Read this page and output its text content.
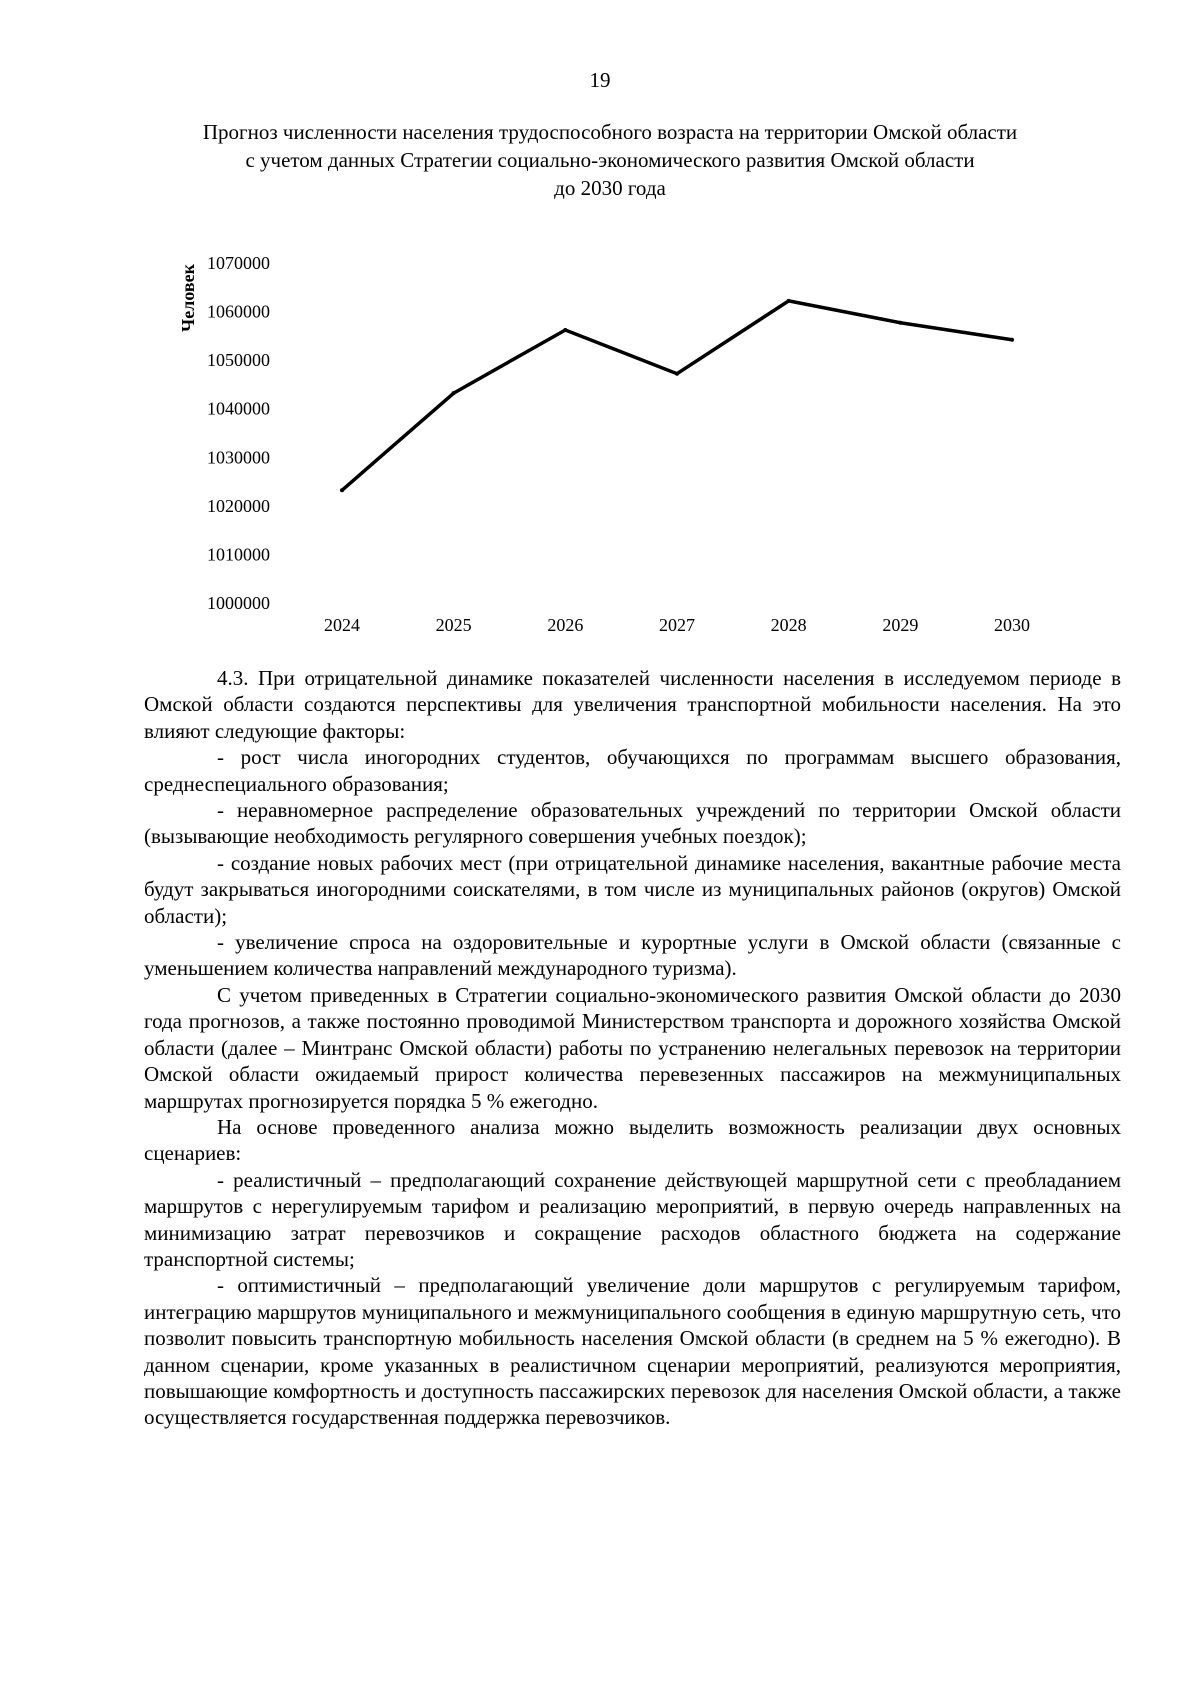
19
Прогноз численности населения трудоспособного возраста на территории Омской области
с учетом данных Стратегии социально-экономического развития Омской области
до 2030 года
1000000
1010000
1020000
1030000
1040000
1050000
1060000
1070000
Человек
2024	2025	2026	2027	2028	2029	2030

4.3. При отрицательной динамике показателей численности населения в исследуемом периоде в Омской области создаются перспективы для увеличения транспортной мобильности населения. На это влияют следующие факторы:

- рост числа иногородних студентов, обучающихся по программам высшего образования, среднеспециального образования;

- неравномерное распределение образовательных учреждений по территории Омской области (вызывающие необходимость регулярного совершения учебных поездок);

- создание новых рабочих мест (при отрицательной динамике населения, вакантные рабочие места будут закрываться иногородними соискателями, в том числе из муниципальных районов (округов) Омской области);

- увеличение спроса на оздоровительные и курортные услуги в Омской области (связанные с уменьшением количества направлений международного туризма).

С учетом приведенных в Стратегии социально-экономического развития Омской области до 2030 года прогнозов, а также постоянно проводимой Министерством транспорта и дорожного хозяйства Омской области (далее – Минтранс Омской области) работы по устранению нелегальных перевозок на территории Омской области ожидаемый прирост количества перевезенных пассажиров на межмуниципальных маршрутах прогнозируется порядка 5 % ежегодно.

На основе проведенного анализа можно выделить возможность реализации двух основных сценариев:

- реалистичный – предполагающий сохранение действующей маршрутной сети с преобладанием маршрутов с нерегулируемым тарифом и реализацию мероприятий, в первую очередь направленных на минимизацию затрат перевозчиков и сокращение расходов областного бюджета на содержание транспортной системы;

- оптимистичный – предполагающий увеличение доли маршрутов с регулируемым тарифом, интеграцию маршрутов муниципального и межмуниципального сообщения в единую маршрутную сеть, что позволит повысить транспортную мобильность населения Омской области (в среднем на 5 % ежегодно). В данном сценарии, кроме указанных в реалистичном сценарии мероприятий, реализуются мероприятия, повышающие комфортность и доступность пассажирских перевозок для населения Омской области, а также осуществляется государственная поддержка перевозчиков.
